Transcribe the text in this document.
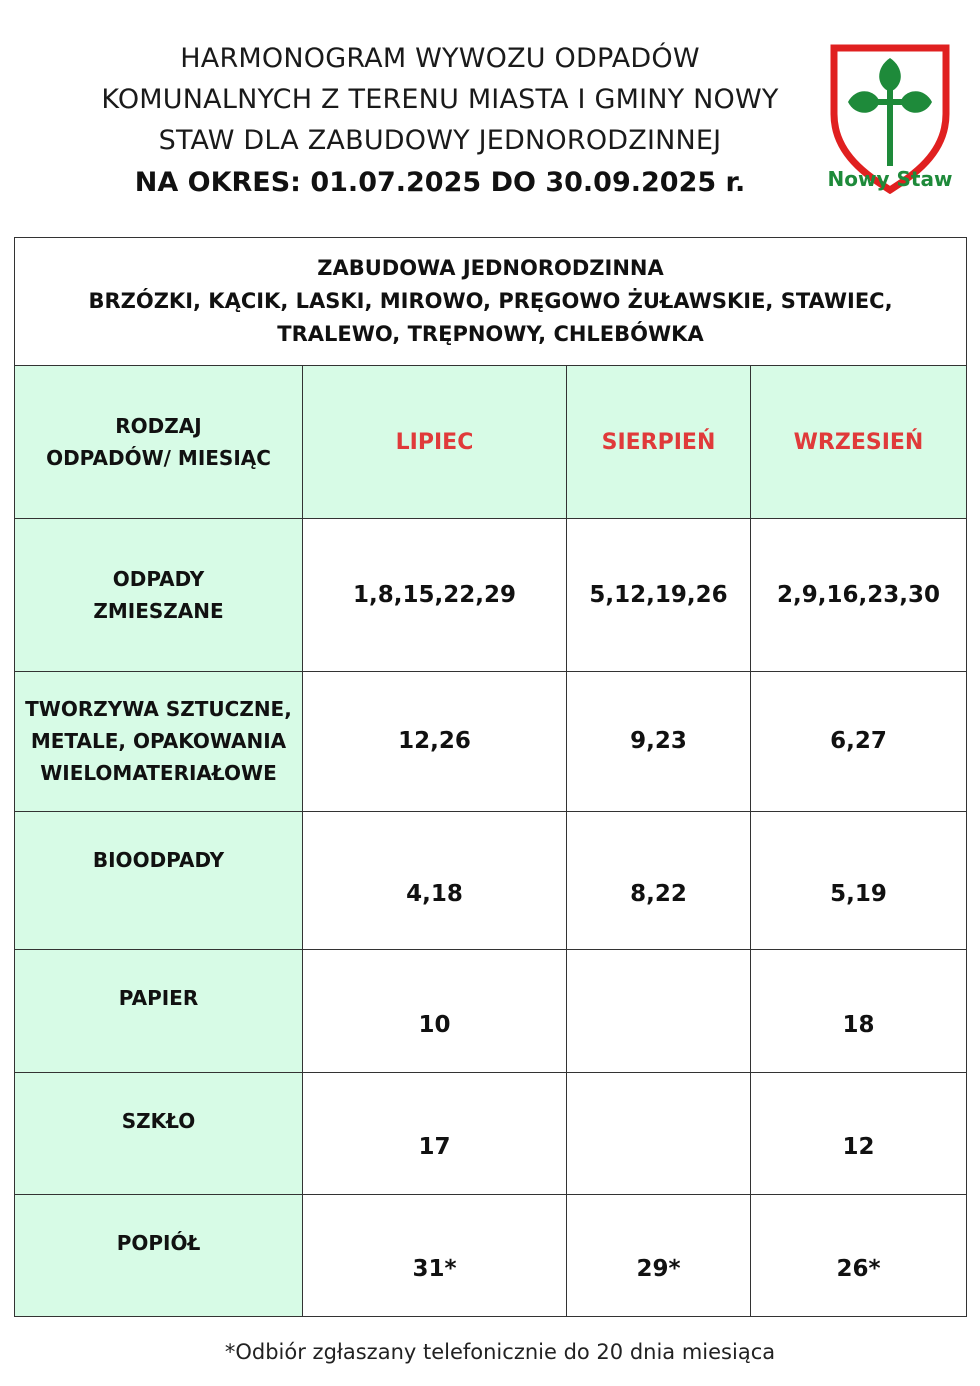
HARMONOGRAM WYWOZU ODPADÓW
KOMUNALNYCH Z TERENU MIASTA I GMINY NOWY
STAW DLA ZABUDOWY JEDNORODZINNEJ
NA OKRES: 01.07.2025 DO 30.09.2025 r.	Nowy Staw
ZABUDOWA JEDNORODZINNA
BRZÓZKI, KĄCIK, LASKI, MIROWO, PRĘGOWO ŻUŁAWSKIE, STAWIEC,
TRALEWO, TRĘPNOWY, CHLEBÓWKA			

RODZAJ
ODPADÓW/ MIESIĄC	LIPIEC	SIERPIEŃ	WRZESIEŃ

ODPADY
ZMIESZANE	1,8,15,22,29	5,12,19,26	2,9,16,23,30

TWORZYWA SZTUCZNE,
METALE, OPAKOWANIA
WIELOMATERIAŁOWE	12,26	9,23	6,27

BIOODPADY	4,18	8,22	5,19

PAPIER	10		18

SZKŁO	17		12

POPIÓŁ	31*	29*	26*
*Odbiór zgłaszany telefonicznie do 20 dnia miesiąca
